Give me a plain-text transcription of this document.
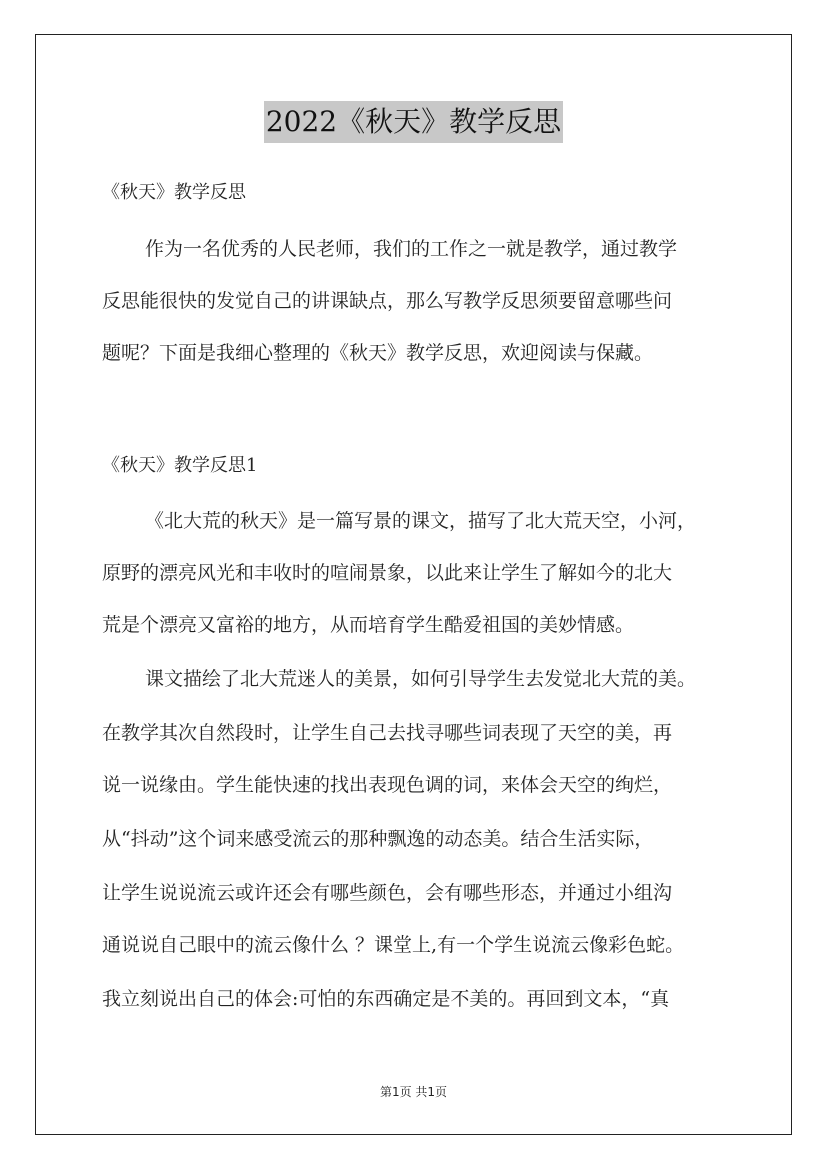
2022《秋天》教学反思
《秋天》教学反思
作为一名优秀的人民老师，我们的工作之一就是教学，通过教学
反思能很快的发觉自己的讲课缺点，那么写教学反思须要留意哪些问
题呢？下面是我细心整理的《秋天》教学反思，欢迎阅读与保藏。
《秋天》教学反思1
《北大荒的秋天》是一篇写景的课文，描写了北大荒天空，小河，
原野的漂亮风光和丰收时的喧闹景象，以此来让学生了解如今的北大
荒是个漂亮又富裕的地方，从而培育学生酷爱祖国的美妙情感。
课文描绘了北大荒迷人的美景，如何引导学生去发觉北大荒的美。
在教学其次自然段时，让学生自己去找寻哪些词表现了天空的美，再
说一说缘由。学生能快速的找出表现色调的词，来体会天空的绚烂，
从“抖动”这个词来感受流云的那种飘逸的动态美。结合生活实际，
让学生说说流云或许还会有哪些颜色，会有哪些形态，并通过小组沟
通说说自己眼中的流云像什么 ？课堂上,有一个学生说流云像彩色蛇。
我立刻说出自己的体会:可怕的东西确定是不美的。再回到文本，“真
第1页 共1页
